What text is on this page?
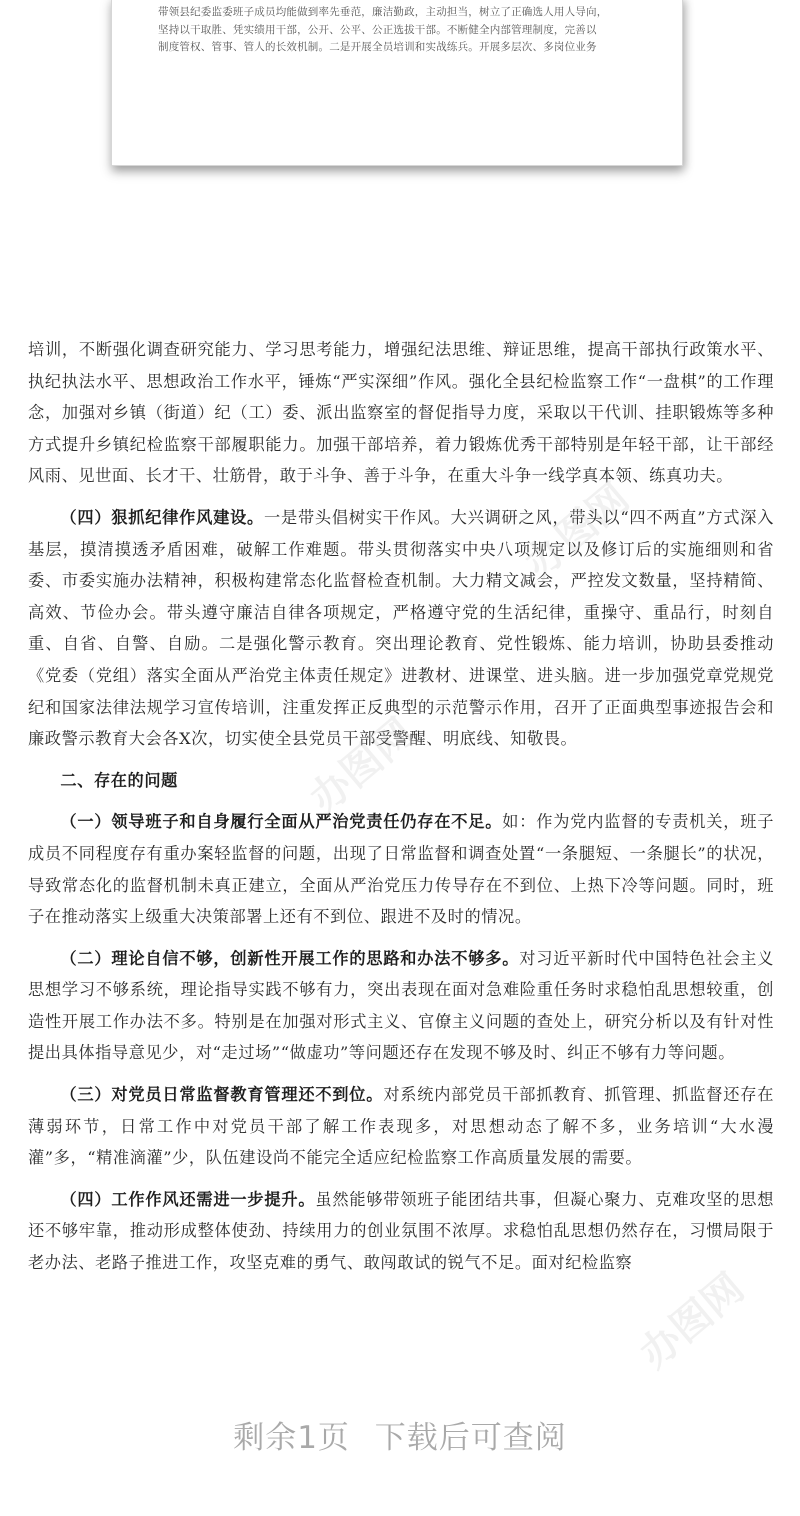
带领县纪委监委班子成员均能做到率先垂范，廉洁勤政，主动担当，树立了正确选人用人导向，

坚持以干取胜、凭实绩用干部，公开、公平、公正选拔干部。不断健全内部管理制度，完善以

制度管权、管事、管人的长效机制。二是开展全员培训和实战练兵。开展多层次、多岗位业务

培训，不断强化调查研究能力、学习思考能力，增强纪法思维、辩证思维，提高干部执行政策水平、执纪执法水平、思想政治工作水平，锤炼“严实深细”作风。强化全县纪检监察工作“一盘棋”的工作理念，加强对乡镇（街道）纪（工）委、派出监察室的督促指导力度，采取以干代训、挂职锻炼等多种方式提升乡镇纪检监察干部履职能力。加强干部培养，着力锻炼优秀干部特别是年轻干部，让干部经风雨、见世面、长才干、壮筋骨，敢于斗争、善于斗争，在重大斗争一线学真本领、练真功夫。

（四）狠抓纪律作风建设。一是带头倡树实干作风。大兴调研之风，带头以“四不两直”方式深入基层，摸清摸透矛盾困难，破解工作难题。带头贯彻落实中央八项规定以及修订后的实施细则和省委、市委实施办法精神，积极构建常态化监督检查机制。大力精文减会，严控发文数量，坚持精简、高效、节俭办会。带头遵守廉洁自律各项规定，严格遵守党的生活纪律，重操守、重品行，时刻自重、自省、自警、自励。二是强化警示教育。突出理论教育、党性锻炼、能力培训，协助县委推动《党委（党组）落实全面从严治党主体责任规定》进教材、进课堂、进头脑。进一步加强党章党规党纪和国家法律法规学习宣传培训，注重发挥正反典型的示范警示作用，召开了正面典型事迹报告会和廉政警示教育大会各X次，切实使全县党员干部受警醒、明底线、知敬畏。

二、存在的问题

（一）领导班子和自身履行全面从严治党责任仍存在不足。如：作为党内监督的专责机关，班子成员不同程度存有重办案轻监督的问题，出现了日常监督和调查处置“一条腿短、一条腿长”的状况，导致常态化的监督机制未真正建立，全面从严治党压力传导存在不到位、上热下冷等问题。同时，班子在推动落实上级重大决策部署上还有不到位、跟进不及时的情况。

（二）理论自信不够，创新性开展工作的思路和办法不够多。对习近平新时代中国特色社会主义思想学习不够系统，理论指导实践不够有力，突出表现在面对急难险重任务时求稳怕乱思想较重，创造性开展工作办法不多。特别是在加强对形式主义、官僚主义问题的查处上，研究分析以及有针对性提出具体指导意见少，对“走过场”“做虚功”等问题还存在发现不够及时、纠正不够有力等问题。

（三）对党员日常监督教育管理还不到位。对系统内部党员干部抓教育、抓管理、抓监督还存在薄弱环节，日常工作中对党员干部了解工作表现多，对思想动态了解不多，业务培训“大水漫灌”多，“精准滴灌”少，队伍建设尚不能完全适应纪检监察工作高质量发展的需要。

（四）工作作风还需进一步提升。虽然能够带领班子能团结共事，但凝心聚力、克难攻坚的思想还不够牢靠，推动形成整体使劲、持续用力的创业氛围不浓厚。求稳怕乱思想仍然存在，习惯局限于老办法、老路子推进工作，攻坚克难的勇气、敢闯敢试的锐气不足。面对纪检监察

办图网
办图网
办图网
剩余1页 下载后可查阅
